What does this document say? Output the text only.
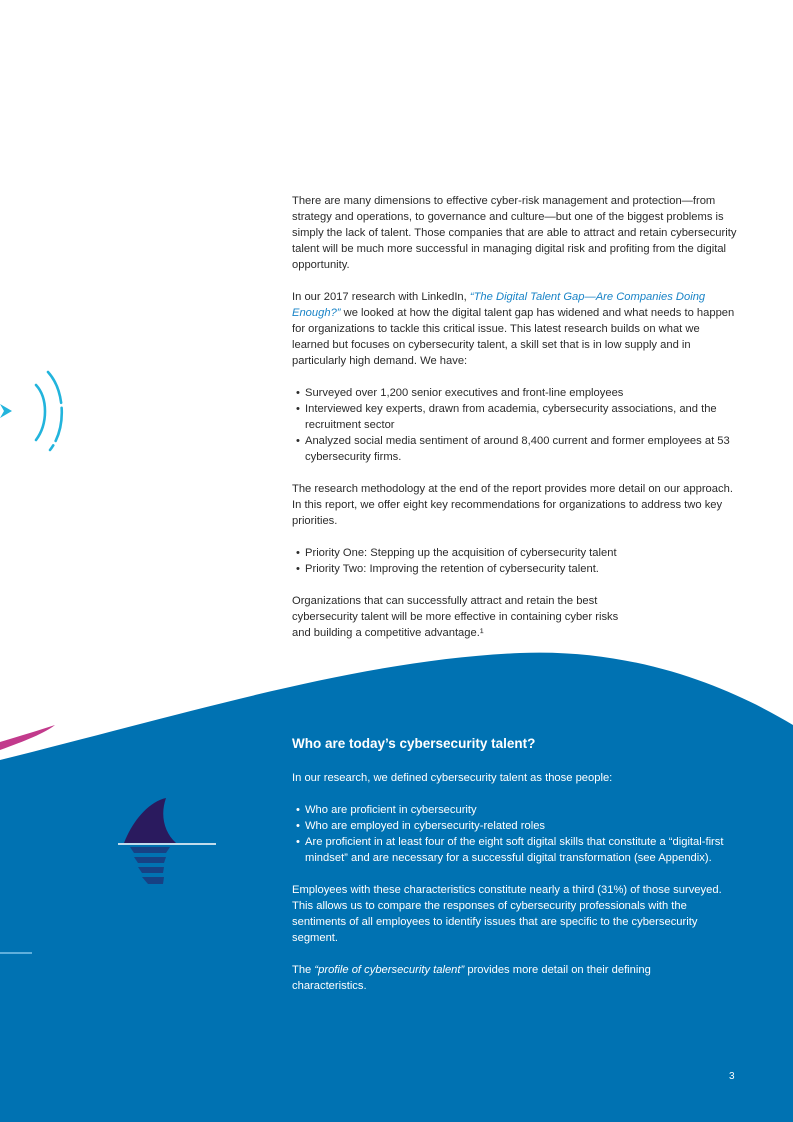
There are many dimensions to effective cyber-risk management and protection—from strategy and operations, to governance and culture—but one of the biggest problems is simply the lack of talent. Those companies that are able to attract and retain cybersecurity talent will be much more successful in managing digital risk and profiting from the digital opportunity.

In our 2017 research with LinkedIn, “The Digital Talent Gap—Are Companies Doing Enough?” we looked at how the digital talent gap has widened and what needs to happen for organizations to tackle this critical issue. This latest research builds on what we learned but focuses on cybersecurity talent, a skill set that is in low supply and in particularly high demand. We have:

• Surveyed over 1,200 senior executives and front-line employees
• Interviewed key experts, drawn from academia, cybersecurity associations, and the recruitment sector
• Analyzed social media sentiment of around 8,400 current and former employees at 53 cybersecurity firms.

The research methodology at the end of the report provides more detail on our approach. In this report, we offer eight key recommendations for organizations to address two key priorities.

• Priority One: Stepping up the acquisition of cybersecurity talent
• Priority Two: Improving the retention of cybersecurity talent.

Organizations that can successfully attract and retain the best cybersecurity talent will be more effective in containing cyber risks and building a competitive advantage.¹

Who are today’s cybersecurity talent?

In our research, we defined cybersecurity talent as those people:

• Who are proficient in cybersecurity
• Who are employed in cybersecurity-related roles
• Are proficient in at least four of the eight soft digital skills that constitute a “digital-first mindset” and are necessary for a successful digital transformation (see Appendix).

Employees with these characteristics constitute nearly a third (31%) of those surveyed. This allows us to compare the responses of cybersecurity professionals with the sentiments of all employees to identify issues that are specific to the cybersecurity segment.

The “profile of cybersecurity talent” provides more detail on their defining characteristics.

3
